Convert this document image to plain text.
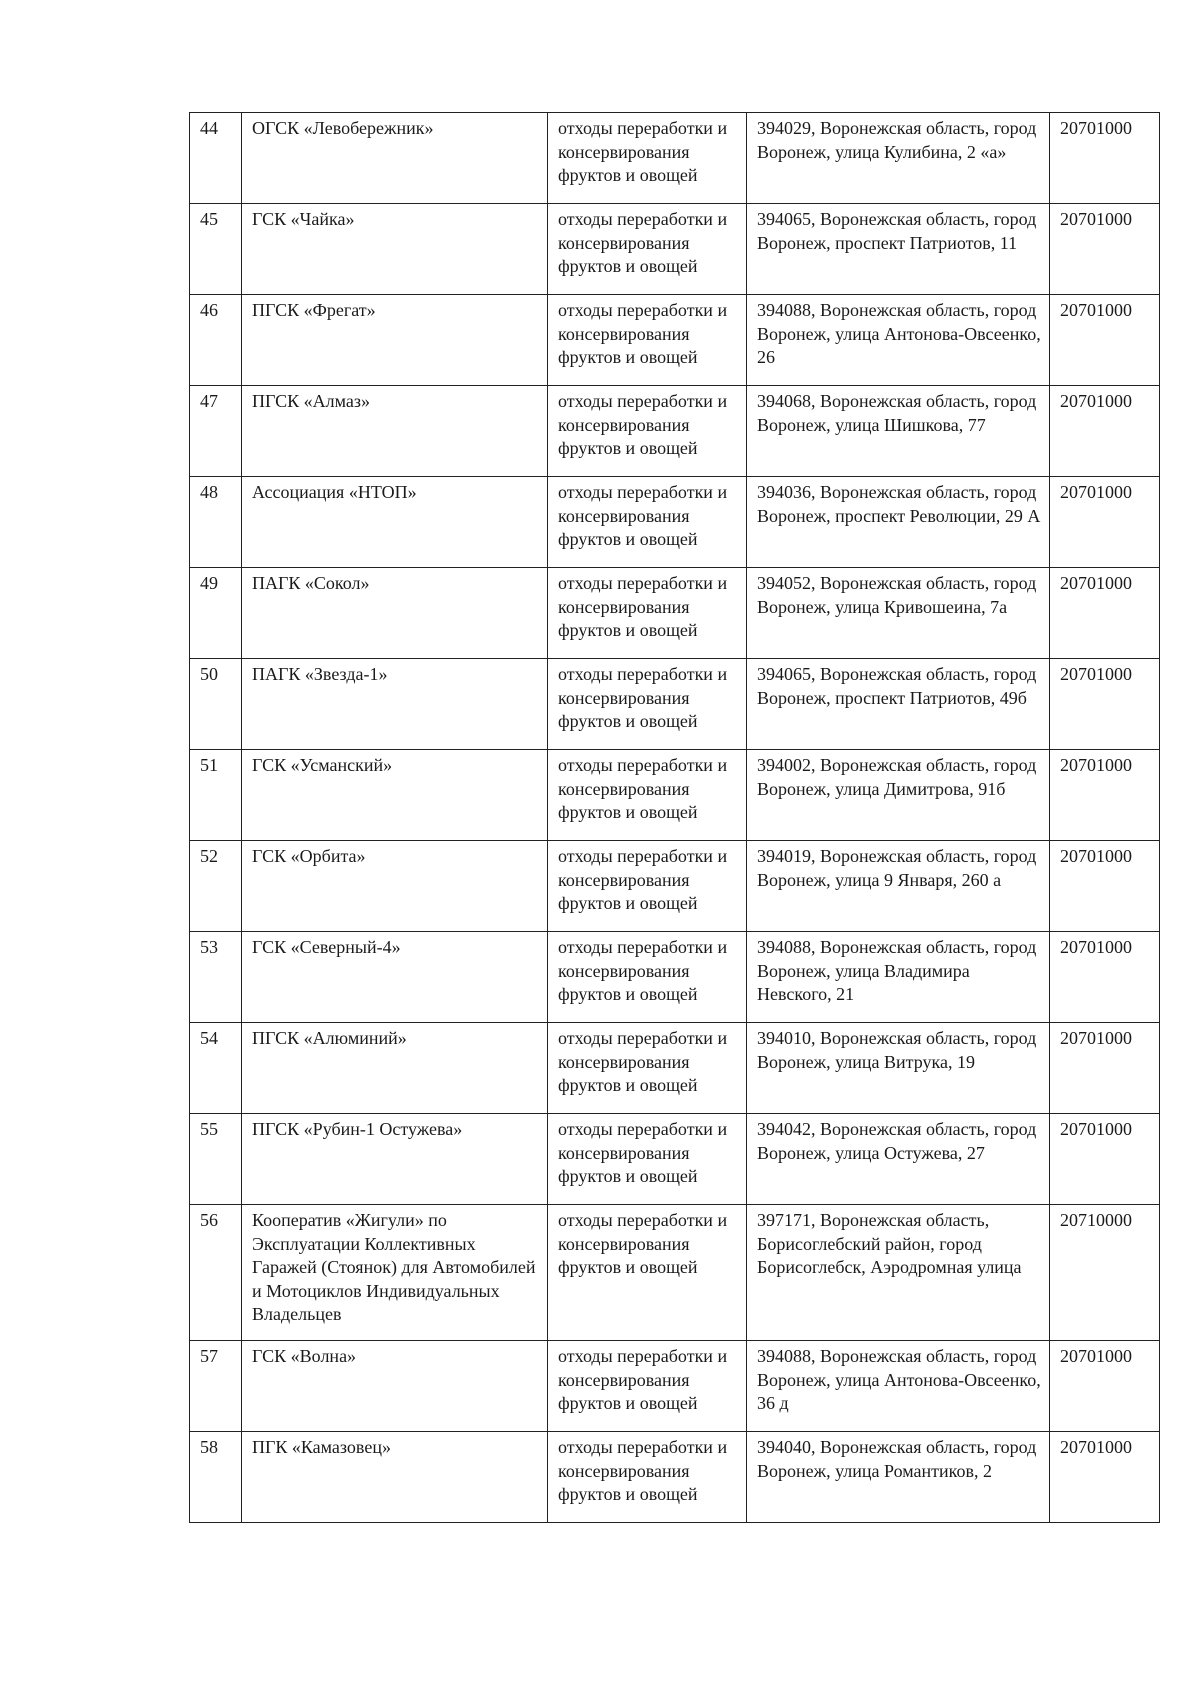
44	ОГСК «Левобережник»	отходы переработки и консервирования фруктов и овощей	394029, Воронежская область, город Воронеж, улица Кулибина, 2 «а»	20701000
45	ГСК «Чайка»	отходы переработки и консервирования фруктов и овощей	394065, Воронежская область, город Воронеж, проспект Патриотов, 11	20701000
46	ПГСК «Фрегат»	отходы переработки и консервирования фруктов и овощей	394088, Воронежская область, город Воронеж, улица Антонова-Овсеенко, 26	20701000
47	ПГСК «Алмаз»	отходы переработки и консервирования фруктов и овощей	394068, Воронежская область, город Воронеж, улица Шишкова, 77	20701000
48	Ассоциация «НТОП»	отходы переработки и консервирования фруктов и овощей	394036, Воронежская область, город Воронеж, проспект Революции, 29 А	20701000
49	ПАГК «Сокол»	отходы переработки и консервирования фруктов и овощей	394052, Воронежская область, город Воронеж, улица Кривошеина, 7а	20701000
50	ПАГК «Звезда-1»	отходы переработки и консервирования фруктов и овощей	394065, Воронежская область, город Воронеж, проспект Патриотов, 49б	20701000
51	ГСК «Усманский»	отходы переработки и консервирования фруктов и овощей	394002, Воронежская область, город Воронеж, улица Димитрова, 91б	20701000
52	ГСК «Орбита»	отходы переработки и консервирования фруктов и овощей	394019, Воронежская область, город Воронеж, улица 9 Января, 260 а	20701000
53	ГСК «Северный-4»	отходы переработки и консервирования фруктов и овощей	394088, Воронежская область, город Воронеж, улица Владимира Невского, 21	20701000
54	ПГСК «Алюминий»	отходы переработки и консервирования фруктов и овощей	394010, Воронежская область, город Воронеж, улица Витрука, 19	20701000
55	ПГСК «Рубин-1 Остужева»	отходы переработки и консервирования фруктов и овощей	394042, Воронежская область, город Воронеж, улица Остужева, 27	20701000
56	Кооператив «Жигули» по Эксплуатации Коллективных Гаражей (Стоянок) для Автомобилей и Мотоциклов Индивидуальных Владельцев	отходы переработки и консервирования фруктов и овощей	397171, Воронежская область, Борисоглебский район, город Борисоглебск, Аэродромная улица	20710000
57	ГСК «Волна»	отходы переработки и консервирования фруктов и овощей	394088, Воронежская область, город Воронеж, улица Антонова-Овсеенко, 36 д	20701000
58	ПГК «Камазовец»	отходы переработки и консервирования фруктов и овощей	394040, Воронежская область, город Воронеж, улица Романтиков, 2	20701000
